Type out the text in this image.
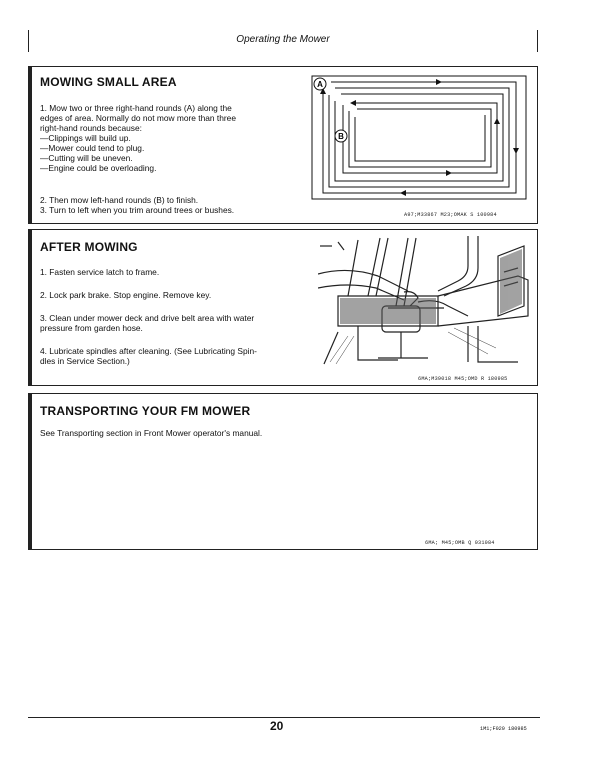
Operating the Mower
MOWING SMALL AREA
1. Mow two or three right-hand rounds (A) along the
edges of area. Normally do not mow more than three
right-hand rounds because:
—Clippings will build up.
—Mower could tend to plug.
—Cutting will be uneven.
—Engine could be overloading.
2. Then mow left-hand rounds (B) to finish.
3. Turn to left when you trim around trees or bushes.
A
B
A97;M33867 M23;OMAK S 100984
AFTER MOWING
1. Fasten service latch to frame.
2. Lock park brake. Stop engine. Remove key.
3. Clean under mower deck and drive belt area with water
pressure from garden hose.
4. Lubricate spindles after cleaning. (See Lubricating Spin-
dles in Service Section.)
6MA;M39018 M45;OMD R 180985
TRANSPORTING YOUR FM MOWER
See Transporting section in Front Mower operator's manual.
6MA; M45;OMB Q 031084
20	1M1;F020 180985
